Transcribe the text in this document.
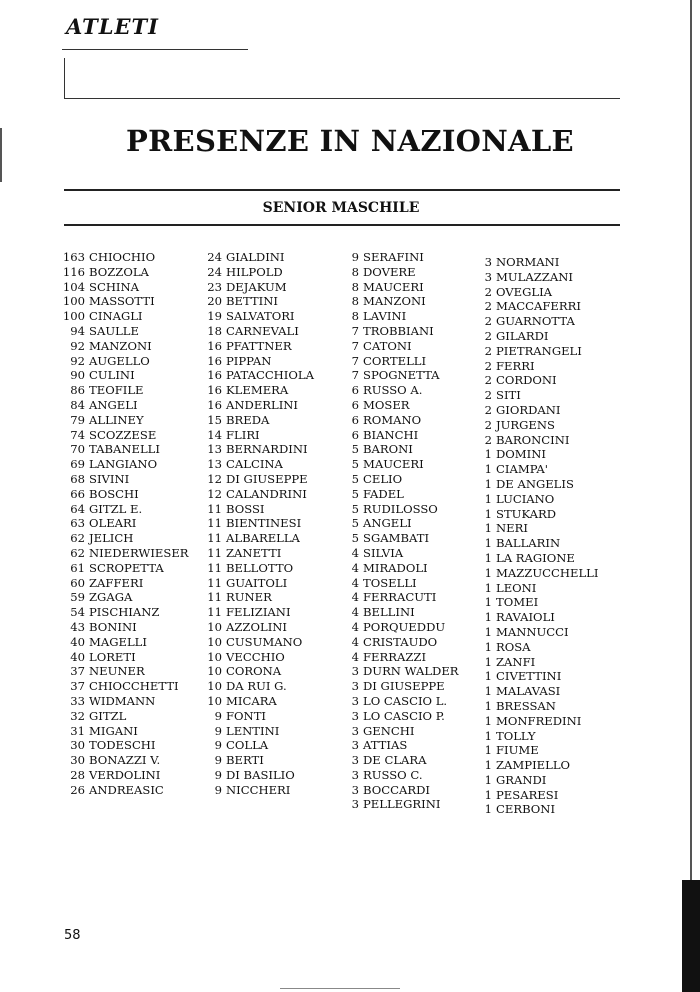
ATLETI
PRESENZE IN NAZIONALE
SENIOR MASCHILE
163 CHIOCHIO
116 BOZZOLA
104 SCHINA
100 MASSOTTI
100 CINAGLI
94 SAULLE
92 MANZONI
92 AUGELLO
90 CULINI
86 TEOFILE
84 ANGELI
79 ALLINEY
74 SCOZZESE
70 TABANELLI
69 LANGIANO
68 SIVINI
66 BOSCHI
64 GITZL E.
63 OLEARI
62 JELICH
62 NIEDERWIESER
61 SCROPETTA
60 ZAFFERI
59 ZGAGA
54 PISCHIANZ
43 BONINI
40 MAGELLI
40 LORETI
37 NEUNER
37 CHIOCCHETTI
33 WIDMANN
32 GITZL
31 MIGANI
30 TODESCHI
30 BONAZZI V.
28 VERDOLINI
26 ANDREASIC
24 GIALDINI
24 HILPOLD
23 DEJAKUM
20 BETTINI
19 SALVATORI
18 CARNEVALI
16 PFATTNER
16 PIPPAN
16 PATACCHIOLA
16 KLEMERA
16 ANDERLINI
15 BREDA
14 FLIRI
13 BERNARDINI
13 CALCINA
12 DI GIUSEPPE
12 CALANDRINI
11 BOSSI
11 BIENTINESI
11 ALBARELLA
11 ZANETTI
11 BELLOTTO
11 GUAITOLI
11 RUNER
11 FELIZIANI
10 AZZOLINI
10 CUSUMANO
10 VECCHIO
10 CORONA
10 DA RUI G.
10 MICARA
9 FONTI
9 LENTINI
9 COLLA
9 BERTI
9 DI BASILIO
9 NICCHERI
9 SERAFINI
8 DOVERE
8 MAUCERI
8 MANZONI
8 LAVINI
7 TROBBIANI
7 CATONI
7 CORTELLI
7 SPOGNETTA
6 RUSSO A.
6 MOSER
6 ROMANO
6 BIANCHI
5 BARONI
5 MAUCERI
5 CELIO
5 FADEL
5 RUDILOSSO
5 ANGELI
5 SGAMBATI
4 SILVIA
4 MIRADOLI
4 TOSELLI
4 FERRACUTI
4 BELLINI
4 PORQUEDDU
4 CRISTAUDO
4 FERRAZZI
3 DURN WALDER
3 DI GIUSEPPE
3 LO CASCIO L.
3 LO CASCIO P.
3 GENCHI
3 ATTIAS
3 DE CLARA
3 RUSSO C.
3 BOCCARDI
3 PELLEGRINI
3 NORMANI
3 MULAZZANI
2 OVEGLIA
2 MACCAFERRI
2 GUARNOTTA
2 GILARDI
2 PIETRANGELI
2 FERRI
2 CORDONI
2 SITI
2 GIORDANI
2 JURGENS
2 BARONCINI
1 DOMINI
1 CIAMPA'
1 DE ANGELIS
1 LUCIANO
1 STUKARD
1 NERI
1 BALLARIN
1 LA RAGIONE
1 MAZZUCCHELLI
1 LEONI
1 TOMEI
1 RAVAIOLI
1 MANNUCCI
1 ROSA
1 ZANFI
1 CIVETTINI
1 MALAVASI
1 BRESSAN
1 MONFREDINI
1 TOLLY
1 FIUME
1 ZAMPIELLO
1 GRANDI
1 PESARESI
1 CERBONI

58
